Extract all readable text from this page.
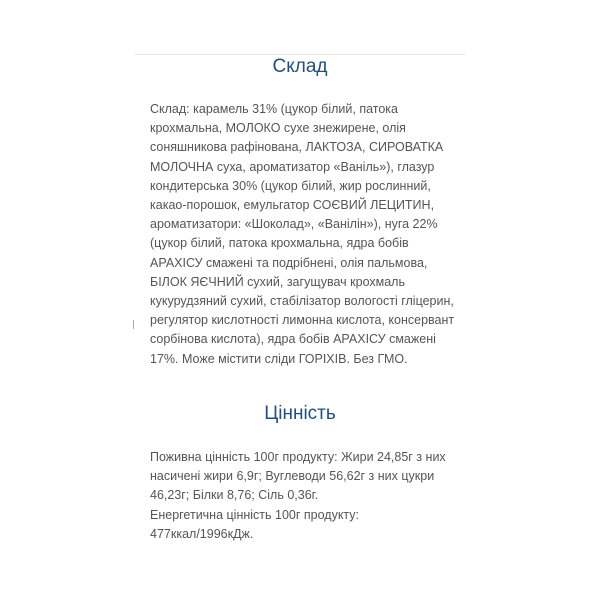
Склад

Склад: карамель 31% (цукор білий, патока
крохмальна, МОЛОКО сухе знежирене, олія
соняшникова рафінована, ЛАКТОЗА, СИРОВАТКА
МОЛОЧНА суха, ароматизатор «Ваніль»), глазур
кондитерська 30% (цукор білий, жир рослинний,
какао-порошок, емульгатор СОЄВИЙ ЛЕЦИТИН,
ароматизатори: «Шоколад», «Ванілін»), нуга 22%
(цукор білий, патока крохмальна, ядра бобів
АРАХІСУ смажені та подрібнені, олія пальмова,
БІЛОК ЯЄЧНИЙ сухий, загущувач крохмаль
кукурудзяний сухий, стабілізатор вологості гліцерин,
регулятор кислотності лимонна кислота, консервант
сорбінова кислота), ядра бобів АРАХІСУ смажені
17%. Може містити сліди ГОРІХІВ. Без ГМО.

Цінність

Поживна цінність 100г продукту: Жири 24,85г з них
насичені жири 6,9г; Вуглеводи 56,62г з них цукри
46,23г; Білки 8,76; Сіль 0,36г.
Енергетична цінність 100г продукту:
477ккал/1996кДж.
